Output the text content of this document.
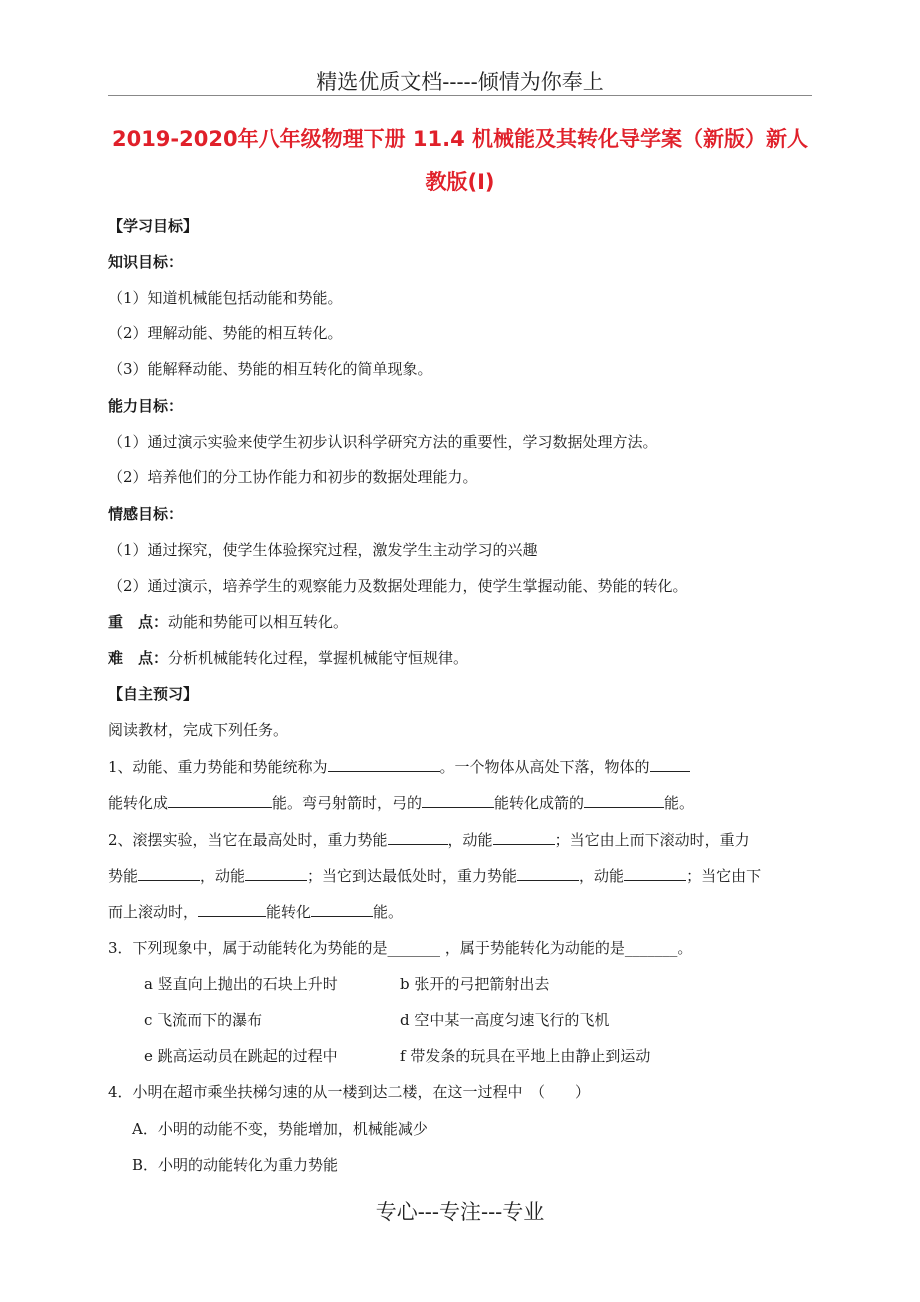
精选优质文档-----倾情为你奉上
2019-2020年八年级物理下册 11.4 机械能及其转化导学案（新版）新人
教版(I)
【学习目标】
知识目标：
（1）知道机械能包括动能和势能。
（2）理解动能、势能的相互转化。
（3）能解释动能、势能的相互转化的简单现象。
能力目标：
（1）通过演示实验来使学生初步认识科学研究方法的重要性，学习数据处理方法。
（2）培养他们的分工协作能力和初步的数据处理能力。
情感目标：
（1）通过探究，使学生体验探究过程，激发学生主动学习的兴趣
（2）通过演示，培养学生的观察能力及数据处理能力，使学生掌握动能、势能的转化。
重　点：动能和势能可以相互转化。
难　点：分析机械能转化过程，掌握机械能守恒规律。
【自主预习】
阅读教材，完成下列任务。
1、动能、重力势能和势能统称为	。一个物体从高处下落，物体的
能转化成	能。弯弓射箭时，弓的	能转化成箭的	能。
2、滚摆实验，当它在最高处时，重力势能	，动能	；当它由上而下滚动时，重力
势能	，动能	；当它到达最低处时，重力势能	，动能	；当它由下
而上滚动时，	能转化	能。
3．下列现象中，属于动能转化为势能的是_______ ，属于势能转化为动能的是_______。
a 竖直向上抛出的石块上升时	b 张开的弓把箭射出去
c 飞流而下的瀑布	d 空中某一高度匀速飞行的飞机
e 跳高运动员在跳起的过程中	f 带发条的玩具在平地上由静止到运动
4．小明在超市乘坐扶梯匀速的从一楼到达二楼，在这一过程中　（　　）
A．小明的动能不变，势能增加，机械能减少
B．小明的动能转化为重力势能
专心---专注---专业
